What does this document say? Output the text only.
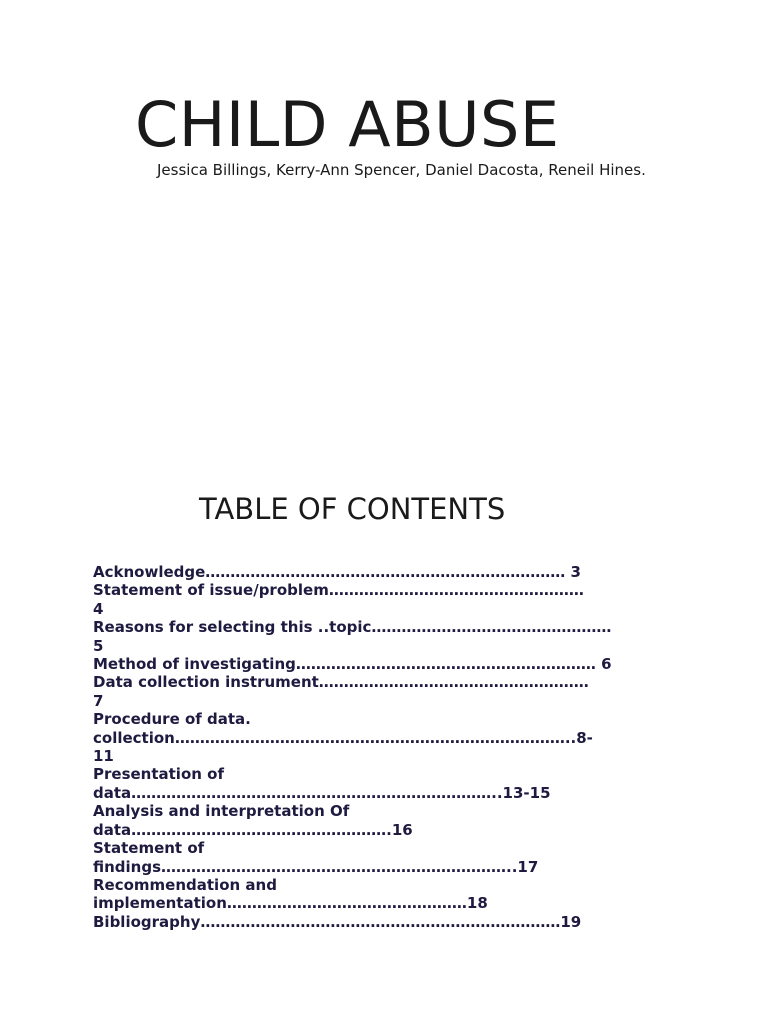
CHILD ABUSE

Jessica Billings, Kerry-Ann Spencer, Daniel Dacosta, Reneil Hines.

TABLE OF CONTENTS
Acknowledge……………………………………………………………… 3
Statement of issue/problem……………………………………………
4
Reasons for selecting this ..topic…………………………………………
5
Method of investigating…………………………………………………… 6
Data collection instrument………………………………………………
7
Procedure of data.
collection……………………………………………………………………..8-
11
Presentation of
data………………………………………………………………..13-15
Analysis and interpretation Of
data…………………………………………….16
Statement of
findings……………………………………………………………..17
Recommendation and
implementation…………………………………………18
Bibliography………………………………………………………………19
